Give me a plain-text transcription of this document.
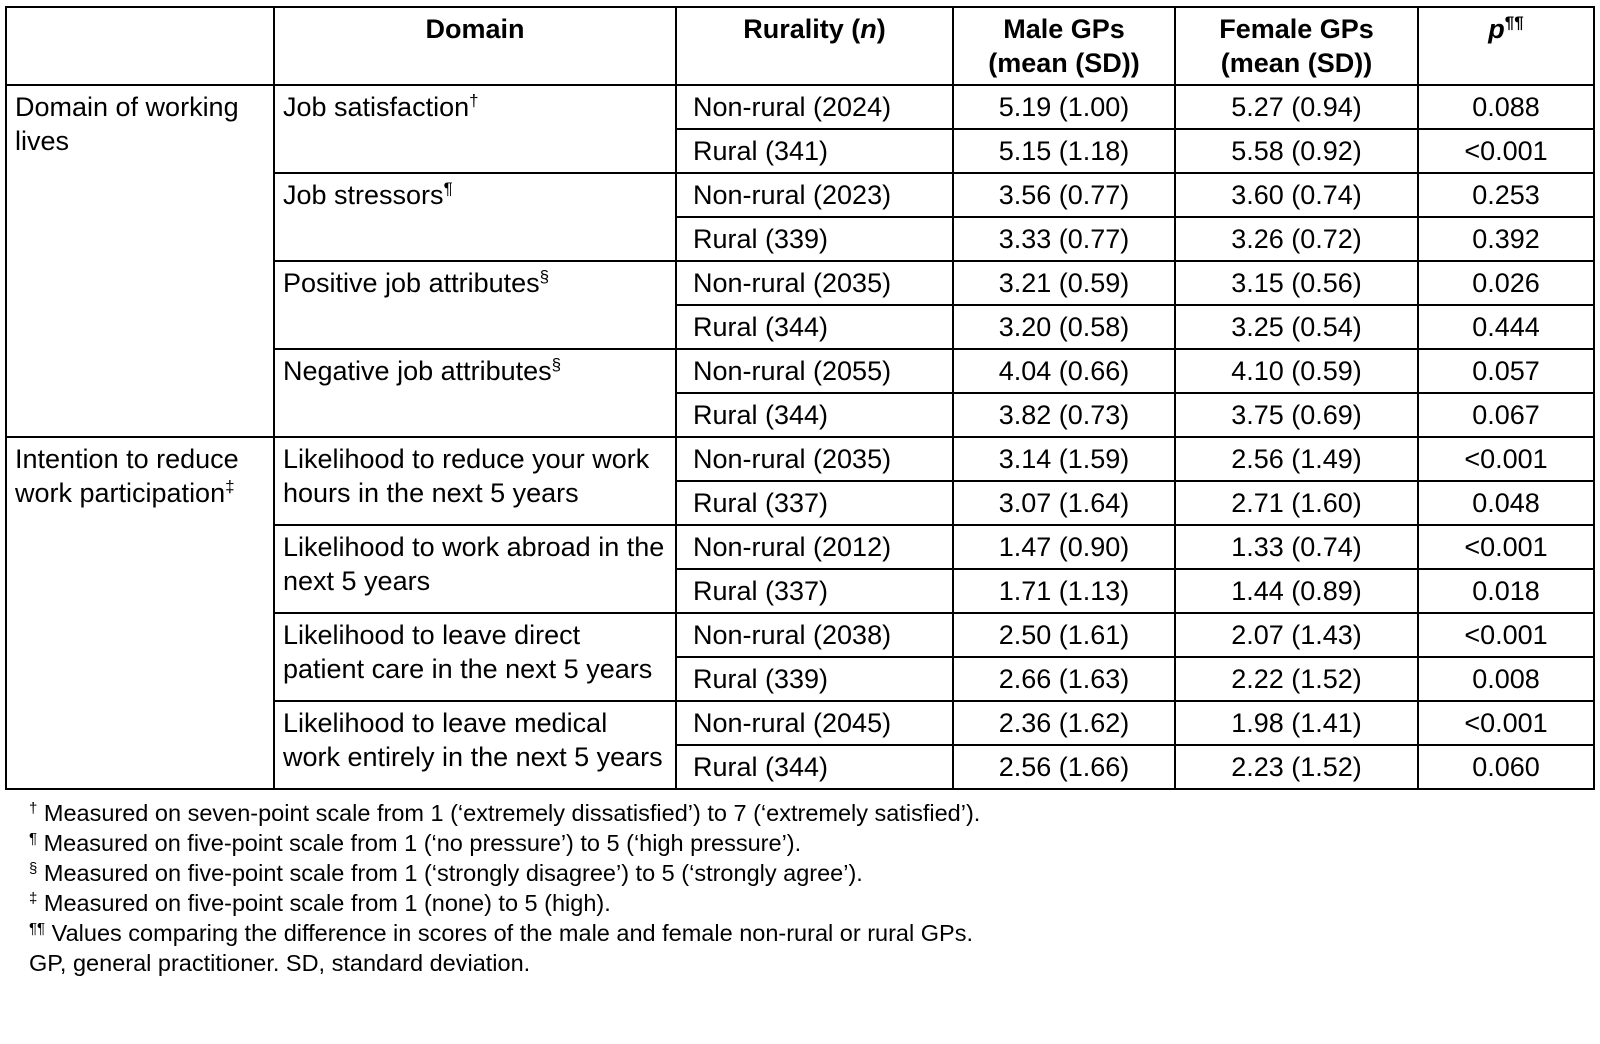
	Domain	Rurality (n)	Male GPs (mean (SD))	Female GPs (mean (SD))	p¶¶
Domain of working lives	Job satisfaction†	Non-rural (2024)	5.19 (1.00)	5.27 (0.94)	0.088
		Rural (341)	5.15 (1.18)	5.58 (0.92)	<0.001
	Job stressors¶	Non-rural (2023)	3.56 (0.77)	3.60 (0.74)	0.253
		Rural (339)	3.33 (0.77)	3.26 (0.72)	0.392
	Positive job attributes§	Non-rural (2035)	3.21 (0.59)	3.15 (0.56)	0.026
		Rural (344)	3.20 (0.58)	3.25 (0.54)	0.444
	Negative job attributes§	Non-rural (2055)	4.04 (0.66)	4.10 (0.59)	0.057
		Rural (344)	3.82 (0.73)	3.75 (0.69)	0.067
Intention to reduce work participation‡	Likelihood to reduce your work hours in the next 5 years	Non-rural (2035)	3.14 (1.59)	2.56 (1.49)	<0.001
		Rural (337)	3.07 (1.64)	2.71 (1.60)	0.048
	Likelihood to work abroad in the next 5 years	Non-rural (2012)	1.47 (0.90)	1.33 (0.74)	<0.001
		Rural (337)	1.71 (1.13)	1.44 (0.89)	0.018
	Likelihood to leave direct patient care in the next 5 years	Non-rural (2038)	2.50 (1.61)	2.07 (1.43)	<0.001
		Rural (339)	2.66 (1.63)	2.22 (1.52)	0.008
	Likelihood to leave medical work entirely in the next 5 years	Non-rural (2045)	2.36 (1.62)	1.98 (1.41)	<0.001
		Rural (344)	2.56 (1.66)	2.23 (1.52)	0.060
† Measured on seven-point scale from 1 (‘extremely dissatisfied’) to 7 (‘extremely satisfied’).
¶ Measured on five-point scale from 1 (‘no pressure’) to 5 (‘high pressure’).
§ Measured on five-point scale from 1 (‘strongly disagree’) to 5 (‘strongly agree’).
‡ Measured on five-point scale from 1 (none) to 5 (high).
¶¶ Values comparing the difference in scores of the male and female non-rural or rural GPs.
GP, general practitioner. SD, standard deviation.
